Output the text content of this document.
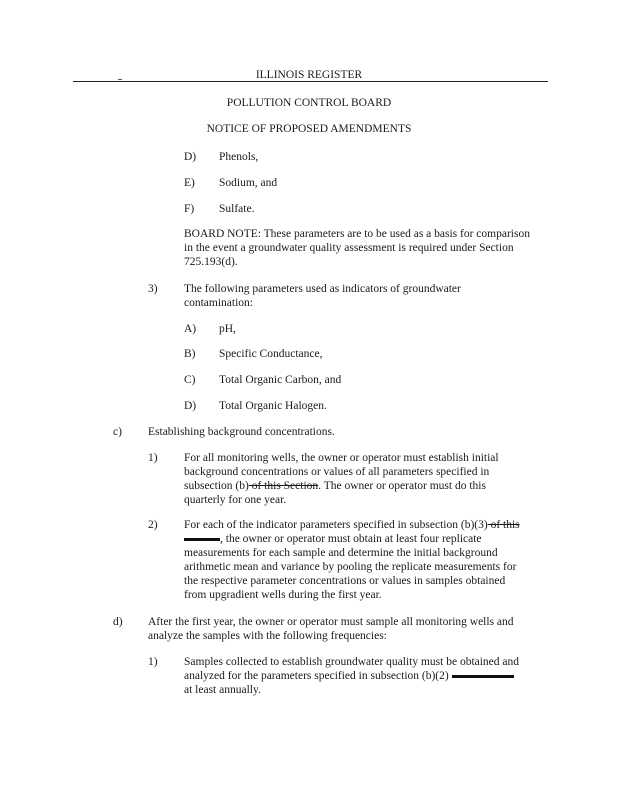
ILLINOIS REGISTER
POLLUTION CONTROL BOARD
NOTICE OF PROPOSED AMENDMENTS
D) Phenols,
E) Sodium, and
F) Sulfate.
BOARD NOTE: These parameters are to be used as a basis for comparison in the event a groundwater quality assessment is required under Section 725.193(d).
3) The following parameters used as indicators of groundwater contamination:
A) pH,
B) Specific Conductance,
C) Total Organic Carbon, and
D) Total Organic Halogen.
c) Establishing background concentrations.
1) For all monitoring wells, the owner or operator must establish initial
background concentrations or values of all parameters specified in
subsection (b) of this Section. The owner or operator must do this
quarterly for one year.
2) For each of the indicator parameters specified in subsection (b)(3) of this
, the owner or operator must obtain at least four replicate
measurements for each sample and determine the initial background
arithmetic mean and variance by pooling the replicate measurements for
the respective parameter concentrations or values in samples obtained
from upgradient wells during the first year.
d) After the first year, the owner or operator must sample all monitoring wells and
analyze the samples with the following frequencies:
1) Samples collected to establish groundwater quality must be obtained and
analyzed for the parameters specified in subsection (b)(2)
at least annually.
